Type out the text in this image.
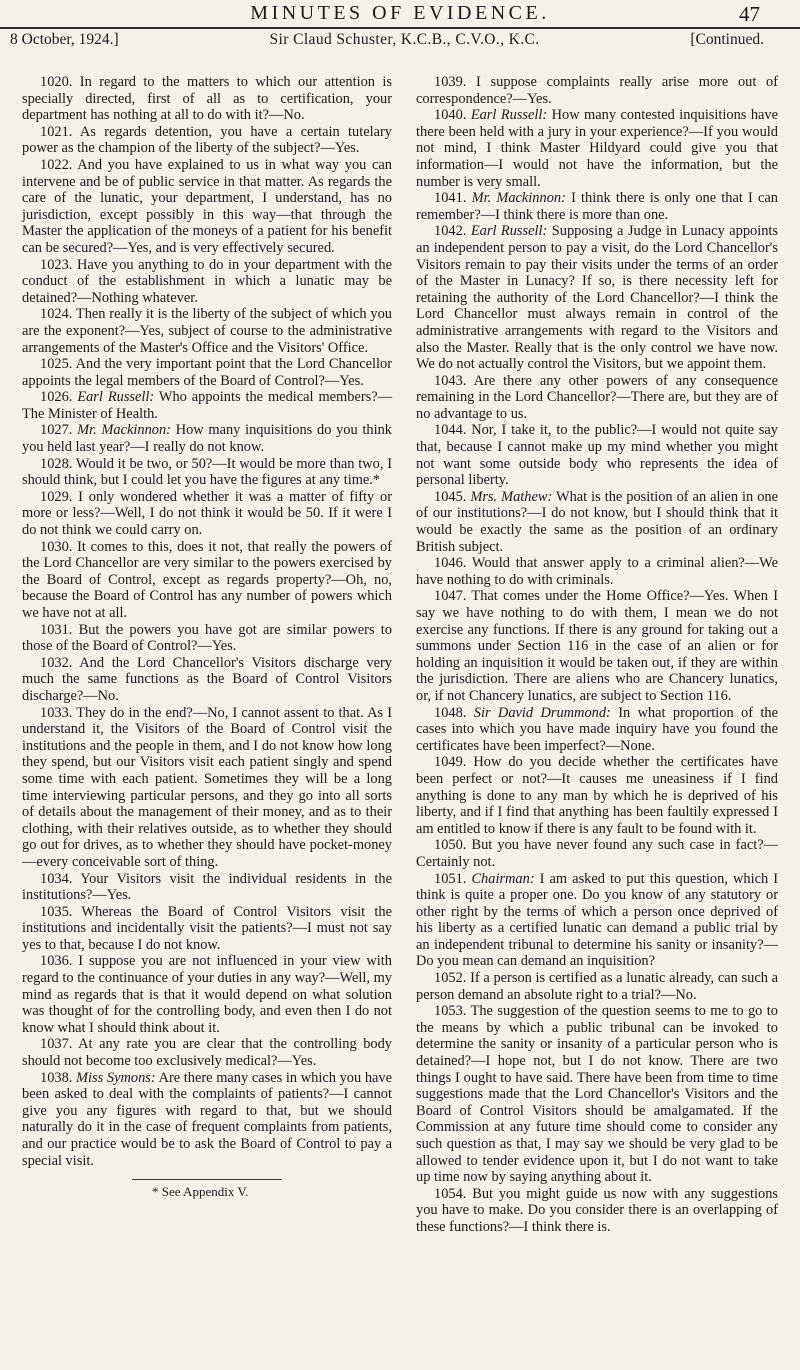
MINUTES OF EVIDENCE.	47
8 October, 1924.]	Sir Claud Schuster, K.C.B., C.V.O., K.C.	[Continued.

1020. In regard to the matters to which our attention is specially directed, first of all as to certification, your department has nothing at all to do with it?—No.

1021. As regards detention, you have a certain tutelary power as the champion of the liberty of the subject?—Yes.

1022. And you have explained to us in what way you can intervene and be of public service in that matter. As regards the care of the lunatic, your department, I understand, has no jurisdiction, except possibly in this way—that through the Master the application of the moneys of a patient for his benefit can be secured?—Yes, and is very effectively secured.

1023. Have you anything to do in your department with the conduct of the establishment in which a lunatic may be detained?—Nothing whatever.

1024. Then really it is the liberty of the subject of which you are the exponent?—Yes, subject of course to the administrative arrangements of the Master's Office and the Visitors' Office.

1025. And the very important point that the Lord Chancellor appoints the legal members of the Board of Control?—Yes.

1026. Earl Russell: Who appoints the medical members?—The Minister of Health.

1027. Mr. Mackinnon: How many inquisitions do you think you held last year?—I really do not know.

1028. Would it be two, or 50?—It would be more than two, I should think, but I could let you have the figures at any time.*

1029. I only wondered whether it was a matter of fifty or more or less?—Well, I do not think it would be 50. If it were I do not think we could carry on.

1030. It comes to this, does it not, that really the powers of the Lord Chancellor are very similar to the powers exercised by the Board of Control, except as regards property?—Oh, no, because the Board of Control has any number of powers which we have not at all.

1031. But the powers you have got are similar powers to those of the Board of Control?—Yes.

1032. And the Lord Chancellor's Visitors discharge very much the same functions as the Board of Control Visitors discharge?—No.

1033. They do in the end?—No, I cannot assent to that. As I understand it, the Visitors of the Board of Control visit the institutions and the people in them, and I do not know how long they spend, but our Visitors visit each patient singly and spend some time with each patient. Sometimes they will be a long time interviewing particular persons, and they go into all sorts of details about the management of their money, and as to their clothing, with their relatives outside, as to whether they should go out for drives, as to whether they should have pocket-money—every conceivable sort of thing.

1034. Your Visitors visit the individual residents in the institutions?—Yes.

1035. Whereas the Board of Control Visitors visit the institutions and incidentally visit the patients?—I must not say yes to that, because I do not know.

1036. I suppose you are not influenced in your view with regard to the continuance of your duties in any way?—Well, my mind as regards that is that it would depend on what solution was thought of for the controlling body, and even then I do not know what I should think about it.

1037. At any rate you are clear that the controlling body should not become too exclusively medical?—Yes.

1038. Miss Symons: Are there many cases in which you have been asked to deal with the complaints of patients?—I cannot give you any figures with regard to that, but we should naturally do it in the case of frequent complaints from patients, and our practice would be to ask the Board of Control to pay a special visit.

* See Appendix V.

1039. I suppose complaints really arise more out of correspondence?—Yes.

1040. Earl Russell: How many contested inquisitions have there been held with a jury in your experience?—If you would not mind, I think Master Hildyard could give you that information—I would not have the information, but the number is very small.

1041. Mr. Mackinnon: I think there is only one that I can remember?—I think there is more than one.

1042. Earl Russell: Supposing a Judge in Lunacy appoints an independent person to pay a visit, do the Lord Chancellor's Visitors remain to pay their visits under the terms of an order of the Master in Lunacy? If so, is there necessity left for retaining the authority of the Lord Chancellor?—I think the Lord Chancellor must always remain in control of the administrative arrangements with regard to the Visitors and also the Master. Really that is the only control we have now. We do not actually control the Visitors, but we appoint them.

1043. Are there any other powers of any consequence remaining in the Lord Chancellor?—There are, but they are of no advantage to us.

1044. Nor, I take it, to the public?—I would not quite say that, because I cannot make up my mind whether you might not want some outside body who represents the idea of personal liberty.

1045. Mrs. Mathew: What is the position of an alien in one of our institutions?—I do not know, but I should think that it would be exactly the same as the position of an ordinary British subject.

1046. Would that answer apply to a criminal alien?—We have nothing to do with criminals.

1047. That comes under the Home Office?—Yes. When I say we have nothing to do with them, I mean we do not exercise any functions. If there is any ground for taking out a summons under Section 116 in the case of an alien or for holding an inquisition it would be taken out, if they are within the jurisdiction. There are aliens who are Chancery lunatics, or, if not Chancery lunatics, are subject to Section 116.

1048. Sir David Drummond: In what proportion of the cases into which you have made inquiry have you found the certificates have been imperfect?—None.

1049. How do you decide whether the certificates have been perfect or not?—It causes me uneasiness if I find anything is done to any man by which he is deprived of his liberty, and if I find that anything has been faultily expressed I am entitled to know if there is any fault to be found with it.

1050. But you have never found any such case in fact?—Certainly not.

1051. Chairman: I am asked to put this question, which I think is quite a proper one. Do you know of any statutory or other right by the terms of which a person once deprived of his liberty as a certified lunatic can demand a public trial by an independent tribunal to determine his sanity or insanity?—Do you mean can demand an inquisition?

1052. If a person is certified as a lunatic already, can such a person demand an absolute right to a trial?—No.

1053. The suggestion of the question seems to me to go to the means by which a public tribunal can be invoked to determine the sanity or insanity of a particular person who is detained?—I hope not, but I do not know. There are two things I ought to have said. There have been from time to time suggestions made that the Lord Chancellor's Visitors and the Board of Control Visitors should be amalgamated. If the Commission at any future time should come to consider any such question as that, I may say we should be very glad to be allowed to tender evidence upon it, but I do not want to take up time now by saying anything about it.

1054. But you might guide us now with any suggestions you have to make. Do you consider there is an overlapping of these functions?—I think there is.
